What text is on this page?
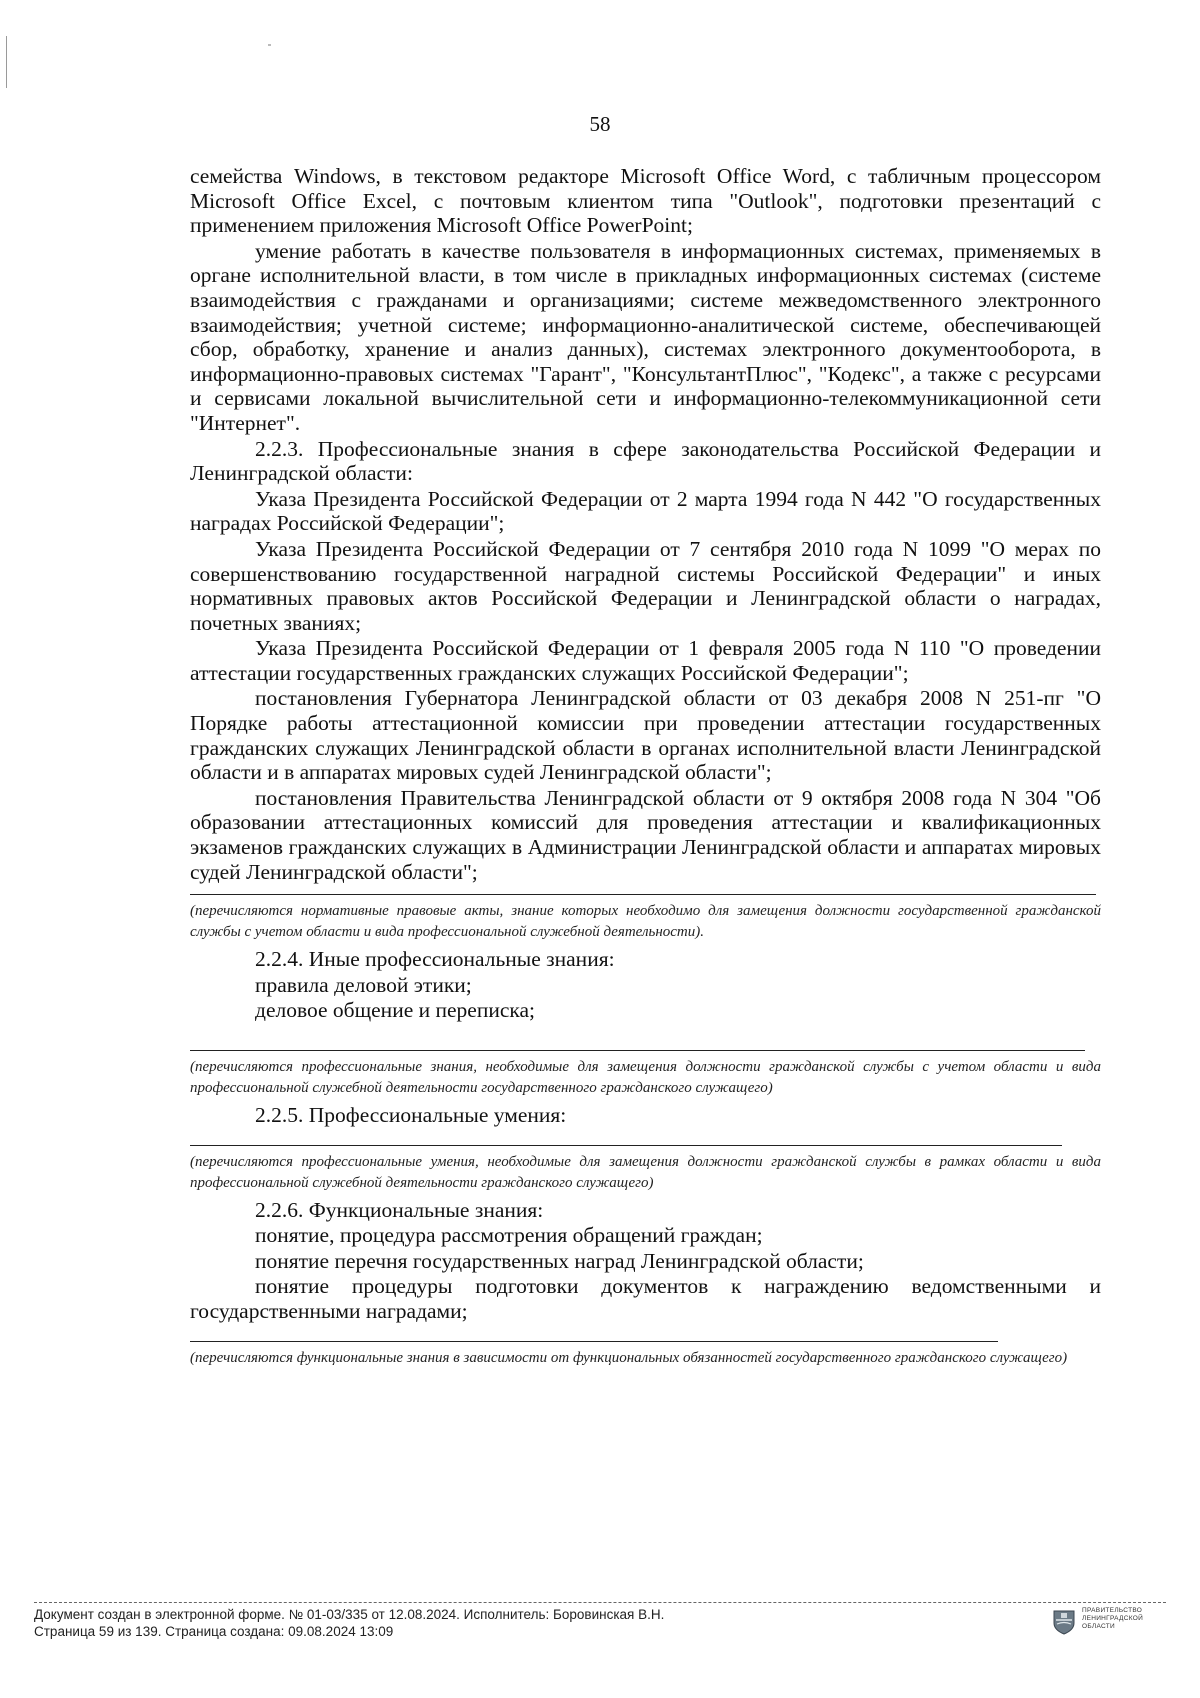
58

семейства Windows, в текстовом редакторе Microsoft Office Word, с табличным процессором Microsoft Office Excel, с почтовым клиентом типа "Outlook", подготовки презентаций с применением приложения Microsoft Office PowerPoint;

умение работать в качестве пользователя в информационных системах, применяемых в органе исполнительной власти, в том числе в прикладных информационных системах (системе взаимодействия с гражданами и организациями; системе межведомственного электронного взаимодействия; учетной системе; информационно-аналитической системе, обеспечивающей сбор, обработку, хранение и анализ данных), системах электронного документооборота, в информационно-правовых системах "Гарант", "КонсультантПлюс", "Кодекс", а также с ресурсами и сервисами локальной вычислительной сети и информационно-телекоммуникационной сети "Интернет".

2.2.3. Профессиональные знания в сфере законодательства Российской Федерации и Ленинградской области:

Указа Президента Российской Федерации от 2 марта 1994 года N 442 "О государственных наградах Российской Федерации";

Указа Президента Российской Федерации от 7 сентября 2010 года N 1099 "О мерах по совершенствованию государственной наградной системы Российской Федерации" и иных нормативных правовых актов Российской Федерации и Ленинградской области о наградах, почетных званиях;

Указа Президента Российской Федерации от 1 февраля 2005 года N 110 "О проведении аттестации государственных гражданских служащих Российской Федерации";

постановления Губернатора Ленинградской области от 03 декабря 2008 N 251-пг "О Порядке работы аттестационной комиссии при проведении аттестации государственных гражданских служащих Ленинградской области в органах исполнительной власти Ленинградской области и в аппаратах мировых судей Ленинградской области";

постановления Правительства Ленинградской области от 9 октября 2008 года N 304 "Об образовании аттестационных комиссий для проведения аттестации и квалификационных экзаменов гражданских служащих в Администрации Ленинградской области и аппаратах мировых судей Ленинградской области";

(перечисляются нормативные правовые акты, знание которых необходимо для замещения должности государственной гражданской службы с учетом области и вида профессиональной служебной деятельности).

2.2.4. Иные профессиональные знания:

правила деловой этики;

деловое общение и переписка;

(перечисляются профессиональные знания, необходимые для замещения должности гражданской службы с учетом области и вида профессиональной служебной деятельности государственного гражданского служащего)

2.2.5. Профессиональные умения:

(перечисляются профессиональные умения, необходимые для замещения должности гражданской службы в рамках области и вида профессиональной служебной деятельности гражданского служащего)

2.2.6. Функциональные знания:

понятие, процедура рассмотрения обращений граждан;

понятие перечня государственных наград Ленинградской области;

понятие процедуры подготовки документов к награждению ведомственными и государственными наградами;

(перечисляются функциональные знания в зависимости от функциональных обязанностей государственного гражданского служащего)

Документ создан в электронной форме. № 01-03/335 от 12.08.2024. Исполнитель: Боровинская В.Н.
Страница 59 из 139. Страница создана: 09.08.2024 13:09
ПРАВИТЕЛЬСТВО
ЛЕНИНГРАДСКОЙ
ОБЛАСТИ
